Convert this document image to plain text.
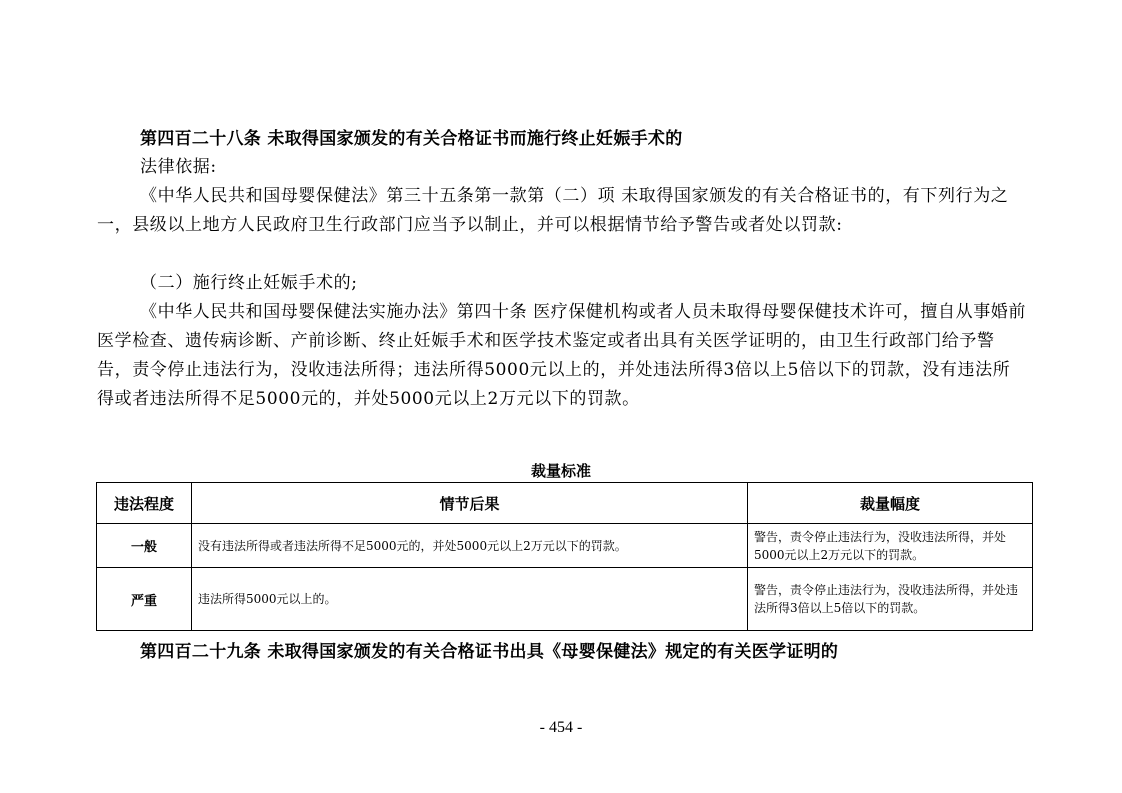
第四百二十八条 未取得国家颁发的有关合格证书而施行终止妊娠手术的
法律依据:
《中华人民共和国母婴保健法》第三十五条第一款第（二）项 未取得国家颁发的有关合格证书的，有下列行为之一，县级以上地方人民政府卫生行政部门应当予以制止，并可以根据情节给予警告或者处以罚款:
（二）施行终止妊娠手术的;
《中华人民共和国母婴保健法实施办法》第四十条 医疗保健机构或者人员未取得母婴保健技术许可，擅自从事婚前医学检查、遗传病诊断、产前诊断、终止妊娠手术和医学技术鉴定或者出具有关医学证明的，由卫生行政部门给予警告，责令停止违法行为，没收违法所得；违法所得5000元以上的，并处违法所得3倍以上5倍以下的罚款，没有违法所得或者违法所得不足5000元的，并处5000元以上2万元以下的罚款。
裁量标准
违法程度	情节后果	裁量幅度
一般	没有违法所得或者违法所得不足5000元的，并处5000元以上2万元以下的罚款。	警告，责令停止违法行为，没收违法所得，并处5000元以上2万元以下的罚款。
严重	违法所得5000元以上的。	警告，责令停止违法行为，没收违法所得，并处违法所得3倍以上5倍以下的罚款。
第四百二十九条 未取得国家颁发的有关合格证书出具《母婴保健法》规定的有关医学证明的
- 454 -
